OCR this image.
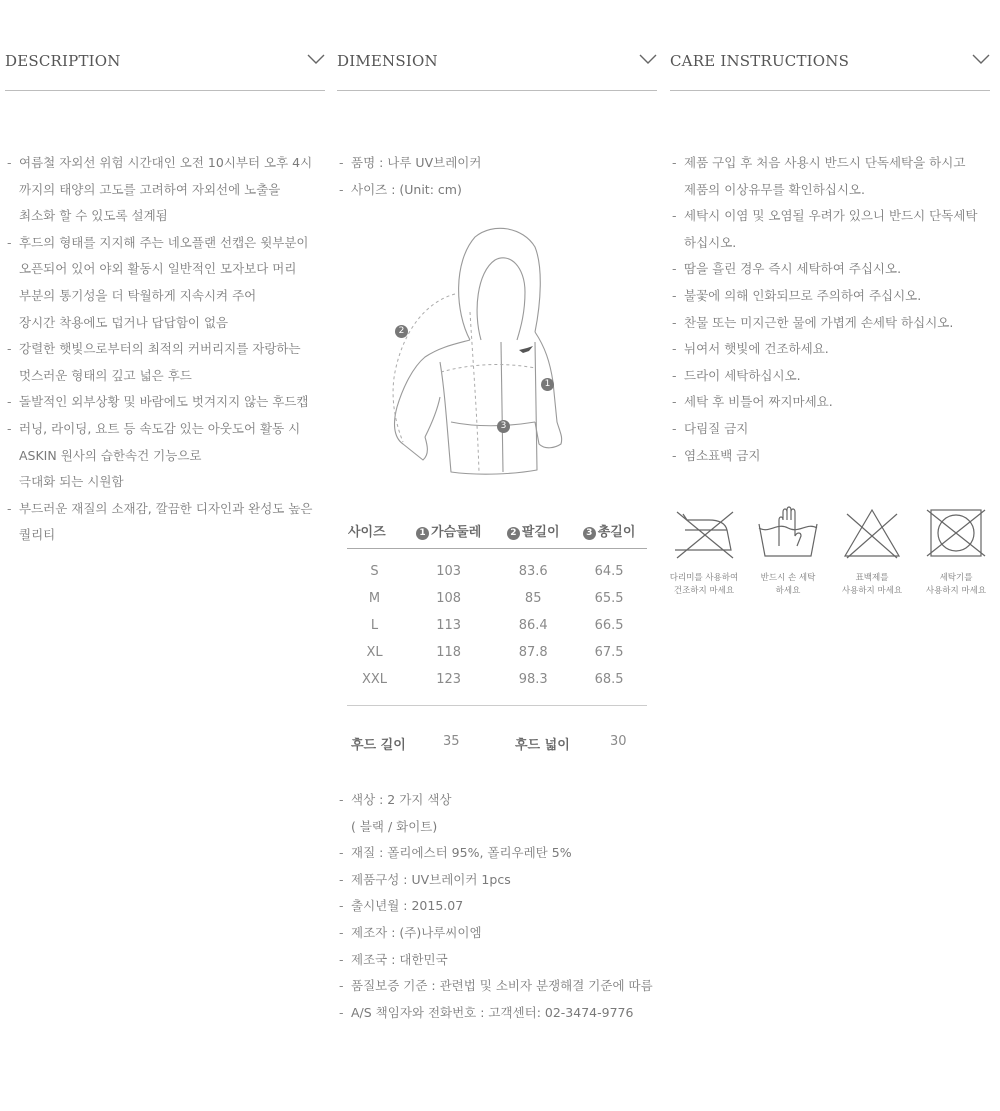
DESCRIPTION
- 여름철 자외선 위험 시간대인 오전 10시부터 오후 4시
까지의 태양의 고도를 고려하여 자외선에 노출을
최소화 할 수 있도록 설계됨
- 후드의 형태를 지지해 주는 네오플랜 선캡은 윗부분이
오픈되어 있어 야외 활동시 일반적인 모자보다 머리
부분의 통기성을 더 탁월하게 지속시켜 주어
장시간 착용에도 덥거나 답답함이 없음
- 강렬한 햇빛으로부터의 최적의 커버리지를 자랑하는
멋스러운 형태의 깊고 넓은 후드
- 돌발적인 외부상황 및 바람에도 벗겨지지 않는 후드캡
- 러닝, 라이딩, 요트 등 속도감 있는 아웃도어 활동 시
ASKIN 원사의 습한속건 기능으로
극대화 되는 시원함
- 부드러운 재질의 소재감, 깔끔한 디자인과 완성도 높은
퀄리티
DIMENSION
- 품명 : 나루 UV브레이커
- 사이즈 : (Unit: cm)
1
2
3
사이즈	1 가슴둘레	2 팔길이	3 총길이
S	103	83.6	64.5
M	108	85	65.5
L	113	86.4	66.5
XL	118	87.8	67.5
XXL	123	98.3	68.5
후드 길이	35	후드 넓이	30
- 색상 : 2 가지 색상
( 블랙 / 화이트)
- 재질 : 폴리에스터 95%, 폴리우레탄 5%
- 제품구성 : UV브레이커 1pcs
- 출시년월 : 2015.07
- 제조자 : (주)나루씨이엠
- 제조국 : 대한민국
- 품질보증 기준 : 관련법 및 소비자 분쟁해결 기준에 따름
- A/S 책임자와 전화번호 : 고객센터: 02-3474-9776
CARE INSTRUCTIONS
- 제품 구입 후 처음 사용시 반드시 단독세탁을 하시고
제품의 이상유무를 확인하십시오.
- 세탁시 이염 및 오염될 우려가 있으니 반드시 단독세탁
하십시오.
- 땀을 흘린 경우 즉시 세탁하여 주십시오.
- 불꽃에 의해 인화되므로 주의하여 주십시오.
- 찬물 또는 미지근한 물에 가볍게 손세탁 하십시오.
- 뉘여서 햇빛에 건조하세요.
- 드라이 세탁하십시오.
- 세탁 후 비틀어 짜지마세요.
- 다림질 금지
- 염소표백 금지
다리미를 사용하여
건조하지 마세요
반드시 손 세탁
하세요
표백제를
사용하지 마세요
세탁기를
사용하지 마세요
